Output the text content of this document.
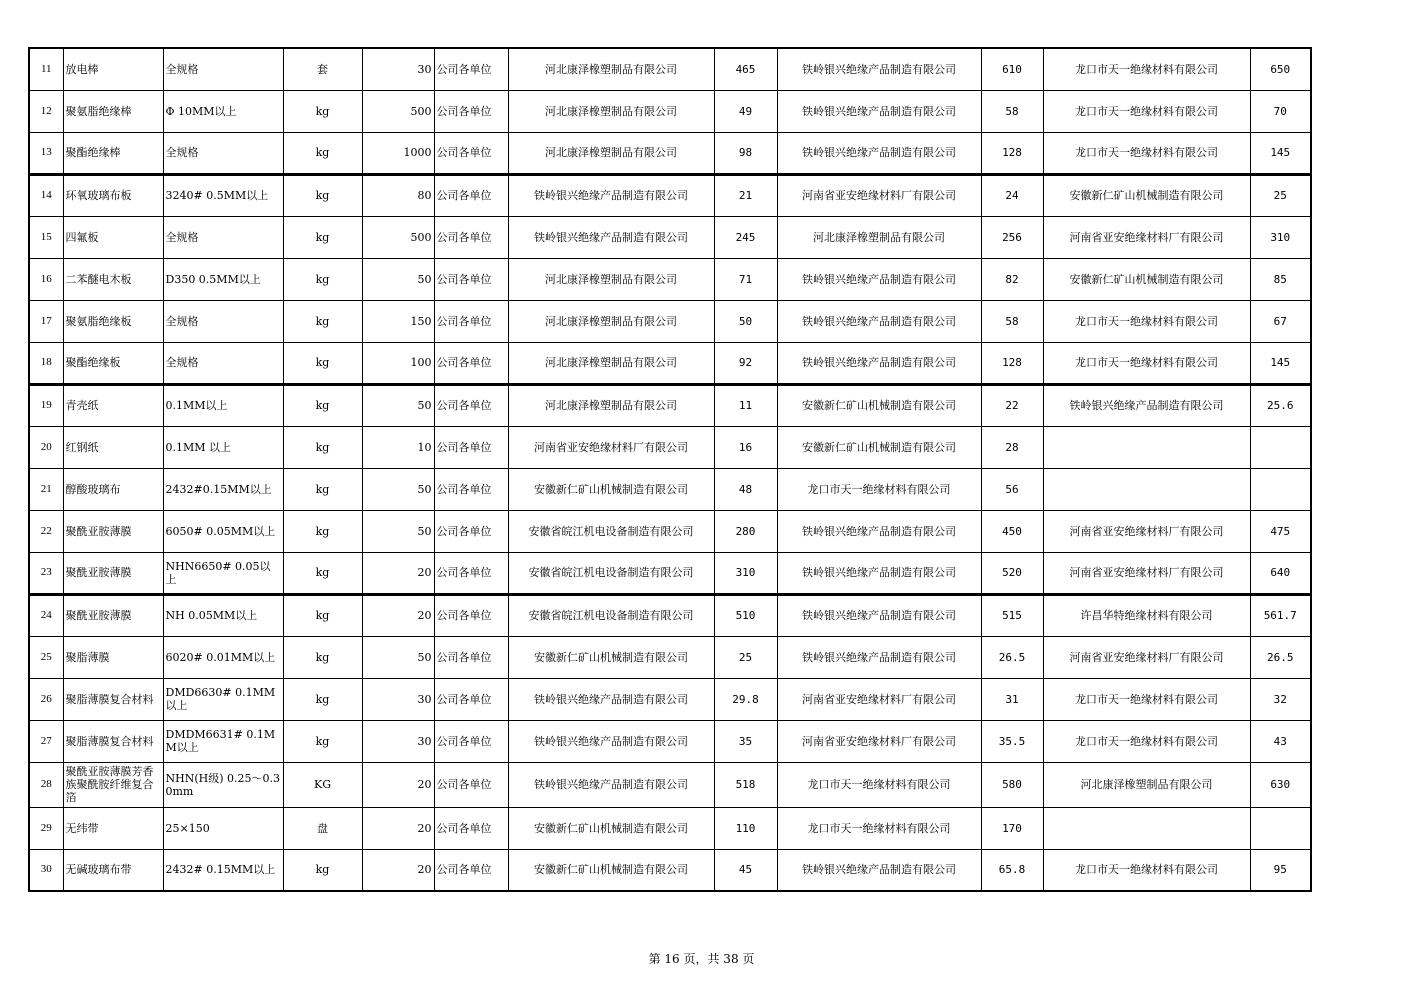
11	放电棒	全规格	套	30	公司各单位	河北康泽橡塑制品有限公司	465	铁岭银兴绝缘产品制造有限公司	610	龙口市天一绝缘材料有限公司	650
12	聚氨脂绝缘棒	Φ 10MM以上	kg	500	公司各单位	河北康泽橡塑制品有限公司	49	铁岭银兴绝缘产品制造有限公司	58	龙口市天一绝缘材料有限公司	70
13	聚酯绝缘棒	全规格	kg	1000	公司各单位	河北康泽橡塑制品有限公司	98	铁岭银兴绝缘产品制造有限公司	128	龙口市天一绝缘材料有限公司	145
14	环氧玻璃布板	3240# 0.5MM以上	kg	80	公司各单位	铁岭银兴绝缘产品制造有限公司	21	河南省亚安绝缘材料厂有限公司	24	安徽新仁矿山机械制造有限公司	25
15	四氟板	全规格	kg	500	公司各单位	铁岭银兴绝缘产品制造有限公司	245	河北康泽橡塑制品有限公司	256	河南省亚安绝缘材料厂有限公司	310
16	二苯醚电木板	D350 0.5MM以上	kg	50	公司各单位	河北康泽橡塑制品有限公司	71	铁岭银兴绝缘产品制造有限公司	82	安徽新仁矿山机械制造有限公司	85
17	聚氨脂绝缘板	全规格	kg	150	公司各单位	河北康泽橡塑制品有限公司	50	铁岭银兴绝缘产品制造有限公司	58	龙口市天一绝缘材料有限公司	67
18	聚酯绝缘板	全规格	kg	100	公司各单位	河北康泽橡塑制品有限公司	92	铁岭银兴绝缘产品制造有限公司	128	龙口市天一绝缘材料有限公司	145
19	青壳纸	0.1MM以上	kg	50	公司各单位	河北康泽橡塑制品有限公司	11	安徽新仁矿山机械制造有限公司	22	铁岭银兴绝缘产品制造有限公司	25.6
20	红钢纸	0.1MM 以上	kg	10	公司各单位	河南省亚安绝缘材料厂有限公司	16	安徽新仁矿山机械制造有限公司	28		
21	醇酸玻璃布	2432#0.15MM以上	kg	50	公司各单位	安徽新仁矿山机械制造有限公司	48	龙口市天一绝缘材料有限公司	56		
22	聚酰亚胺薄膜	6050# 0.05MM以上	kg	50	公司各单位	安徽省皖江机电设备制造有限公司	280	铁岭银兴绝缘产品制造有限公司	450	河南省亚安绝缘材料厂有限公司	475
23	聚酰亚胺薄膜	NHN6650# 0.05以上	kg	20	公司各单位	安徽省皖江机电设备制造有限公司	310	铁岭银兴绝缘产品制造有限公司	520	河南省亚安绝缘材料厂有限公司	640
24	聚酰亚胺薄膜	NH 0.05MM以上	kg	20	公司各单位	安徽省皖江机电设备制造有限公司	510	铁岭银兴绝缘产品制造有限公司	515	许昌华特绝缘材料有限公司	561.7
25	聚脂薄膜	6020# 0.01MM以上	kg	50	公司各单位	安徽新仁矿山机械制造有限公司	25	铁岭银兴绝缘产品制造有限公司	26.5	河南省亚安绝缘材料厂有限公司	26.5
26	聚脂薄膜复合材料	DMD6630# 0.1MM以上	kg	30	公司各单位	铁岭银兴绝缘产品制造有限公司	29.8	河南省亚安绝缘材料厂有限公司	31	龙口市天一绝缘材料有限公司	32
27	聚脂薄膜复合材料	DMDM6631# 0.1MM以上	kg	30	公司各单位	铁岭银兴绝缘产品制造有限公司	35	河南省亚安绝缘材料厂有限公司	35.5	龙口市天一绝缘材料有限公司	43
28	聚酰亚胺薄膜芳香族聚酰胺纤维复合箔	NHN(H级) 0.25～0.30mm	KG	20	公司各单位	铁岭银兴绝缘产品制造有限公司	518	龙口市天一绝缘材料有限公司	580	河北康泽橡塑制品有限公司	630
29	无纬带	25×150	盘	20	公司各单位	安徽新仁矿山机械制造有限公司	110	龙口市天一绝缘材料有限公司	170		
30	无碱玻璃布带	2432# 0.15MM以上	kg	20	公司各单位	安徽新仁矿山机械制造有限公司	45	铁岭银兴绝缘产品制造有限公司	65.8	龙口市天一绝缘材料有限公司	95
第 16 页，共 38 页
